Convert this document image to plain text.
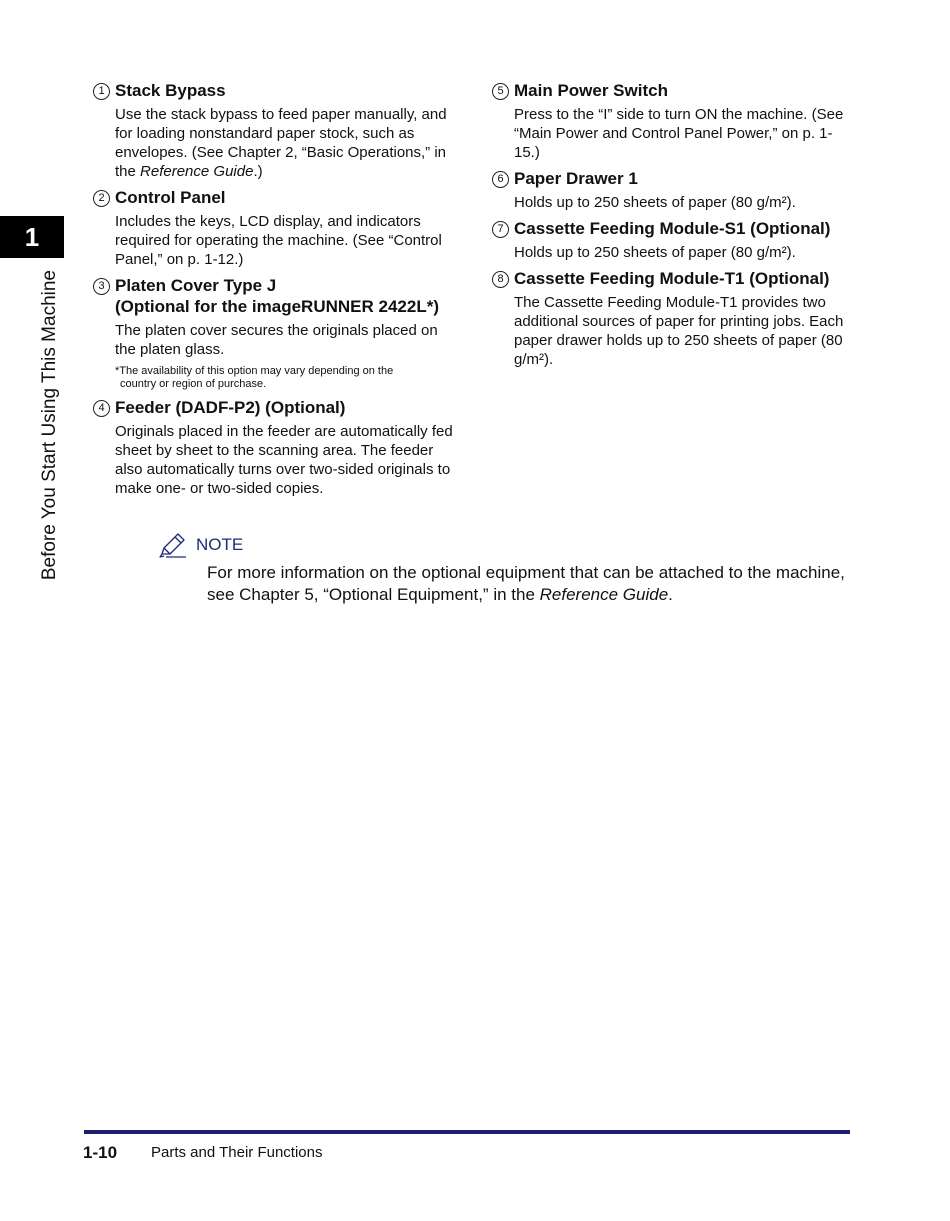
1
Before You Start Using This Machine
1 Stack Bypass
Use the stack bypass to feed paper manually, and for loading nonstandard paper stock, such as envelopes. (See Chapter 2, “Basic Operations,” in the Reference Guide.)
2 Control Panel
Includes the keys, LCD display, and indicators required for operating the machine. (See “Control Panel,” on p. 1-12.)
3 Platen Cover Type J
(Optional for the imageRUNNER 2422L*)
The platen cover secures the originals placed on the platen glass.
*The availability of this option may vary depending on the
country or region of purchase.
4 Feeder (DADF-P2) (Optional)
Originals placed in the feeder are automatically fed sheet by sheet to the scanning area. The feeder also automatically turns over two-sided originals to make one- or two-sided copies.
5 Main Power Switch
Press to the “I” side to turn ON the machine. (See “Main Power and Control Panel Power,” on p. 1-15.)
6 Paper Drawer 1
Holds up to 250 sheets of paper (80 g/m²).
7 Cassette Feeding Module-S1 (Optional)
Holds up to 250 sheets of paper (80 g/m²).
8 Cassette Feeding Module-T1 (Optional)
The Cassette Feeding Module-T1 provides two additional sources of paper for printing jobs. Each paper drawer holds up to 250 sheets of paper (80 g/m²).
NOTE
For more information on the optional equipment that can be attached to the machine, see Chapter 5, “Optional Equipment,” in the Reference Guide.
1-10 Parts and Their Functions
